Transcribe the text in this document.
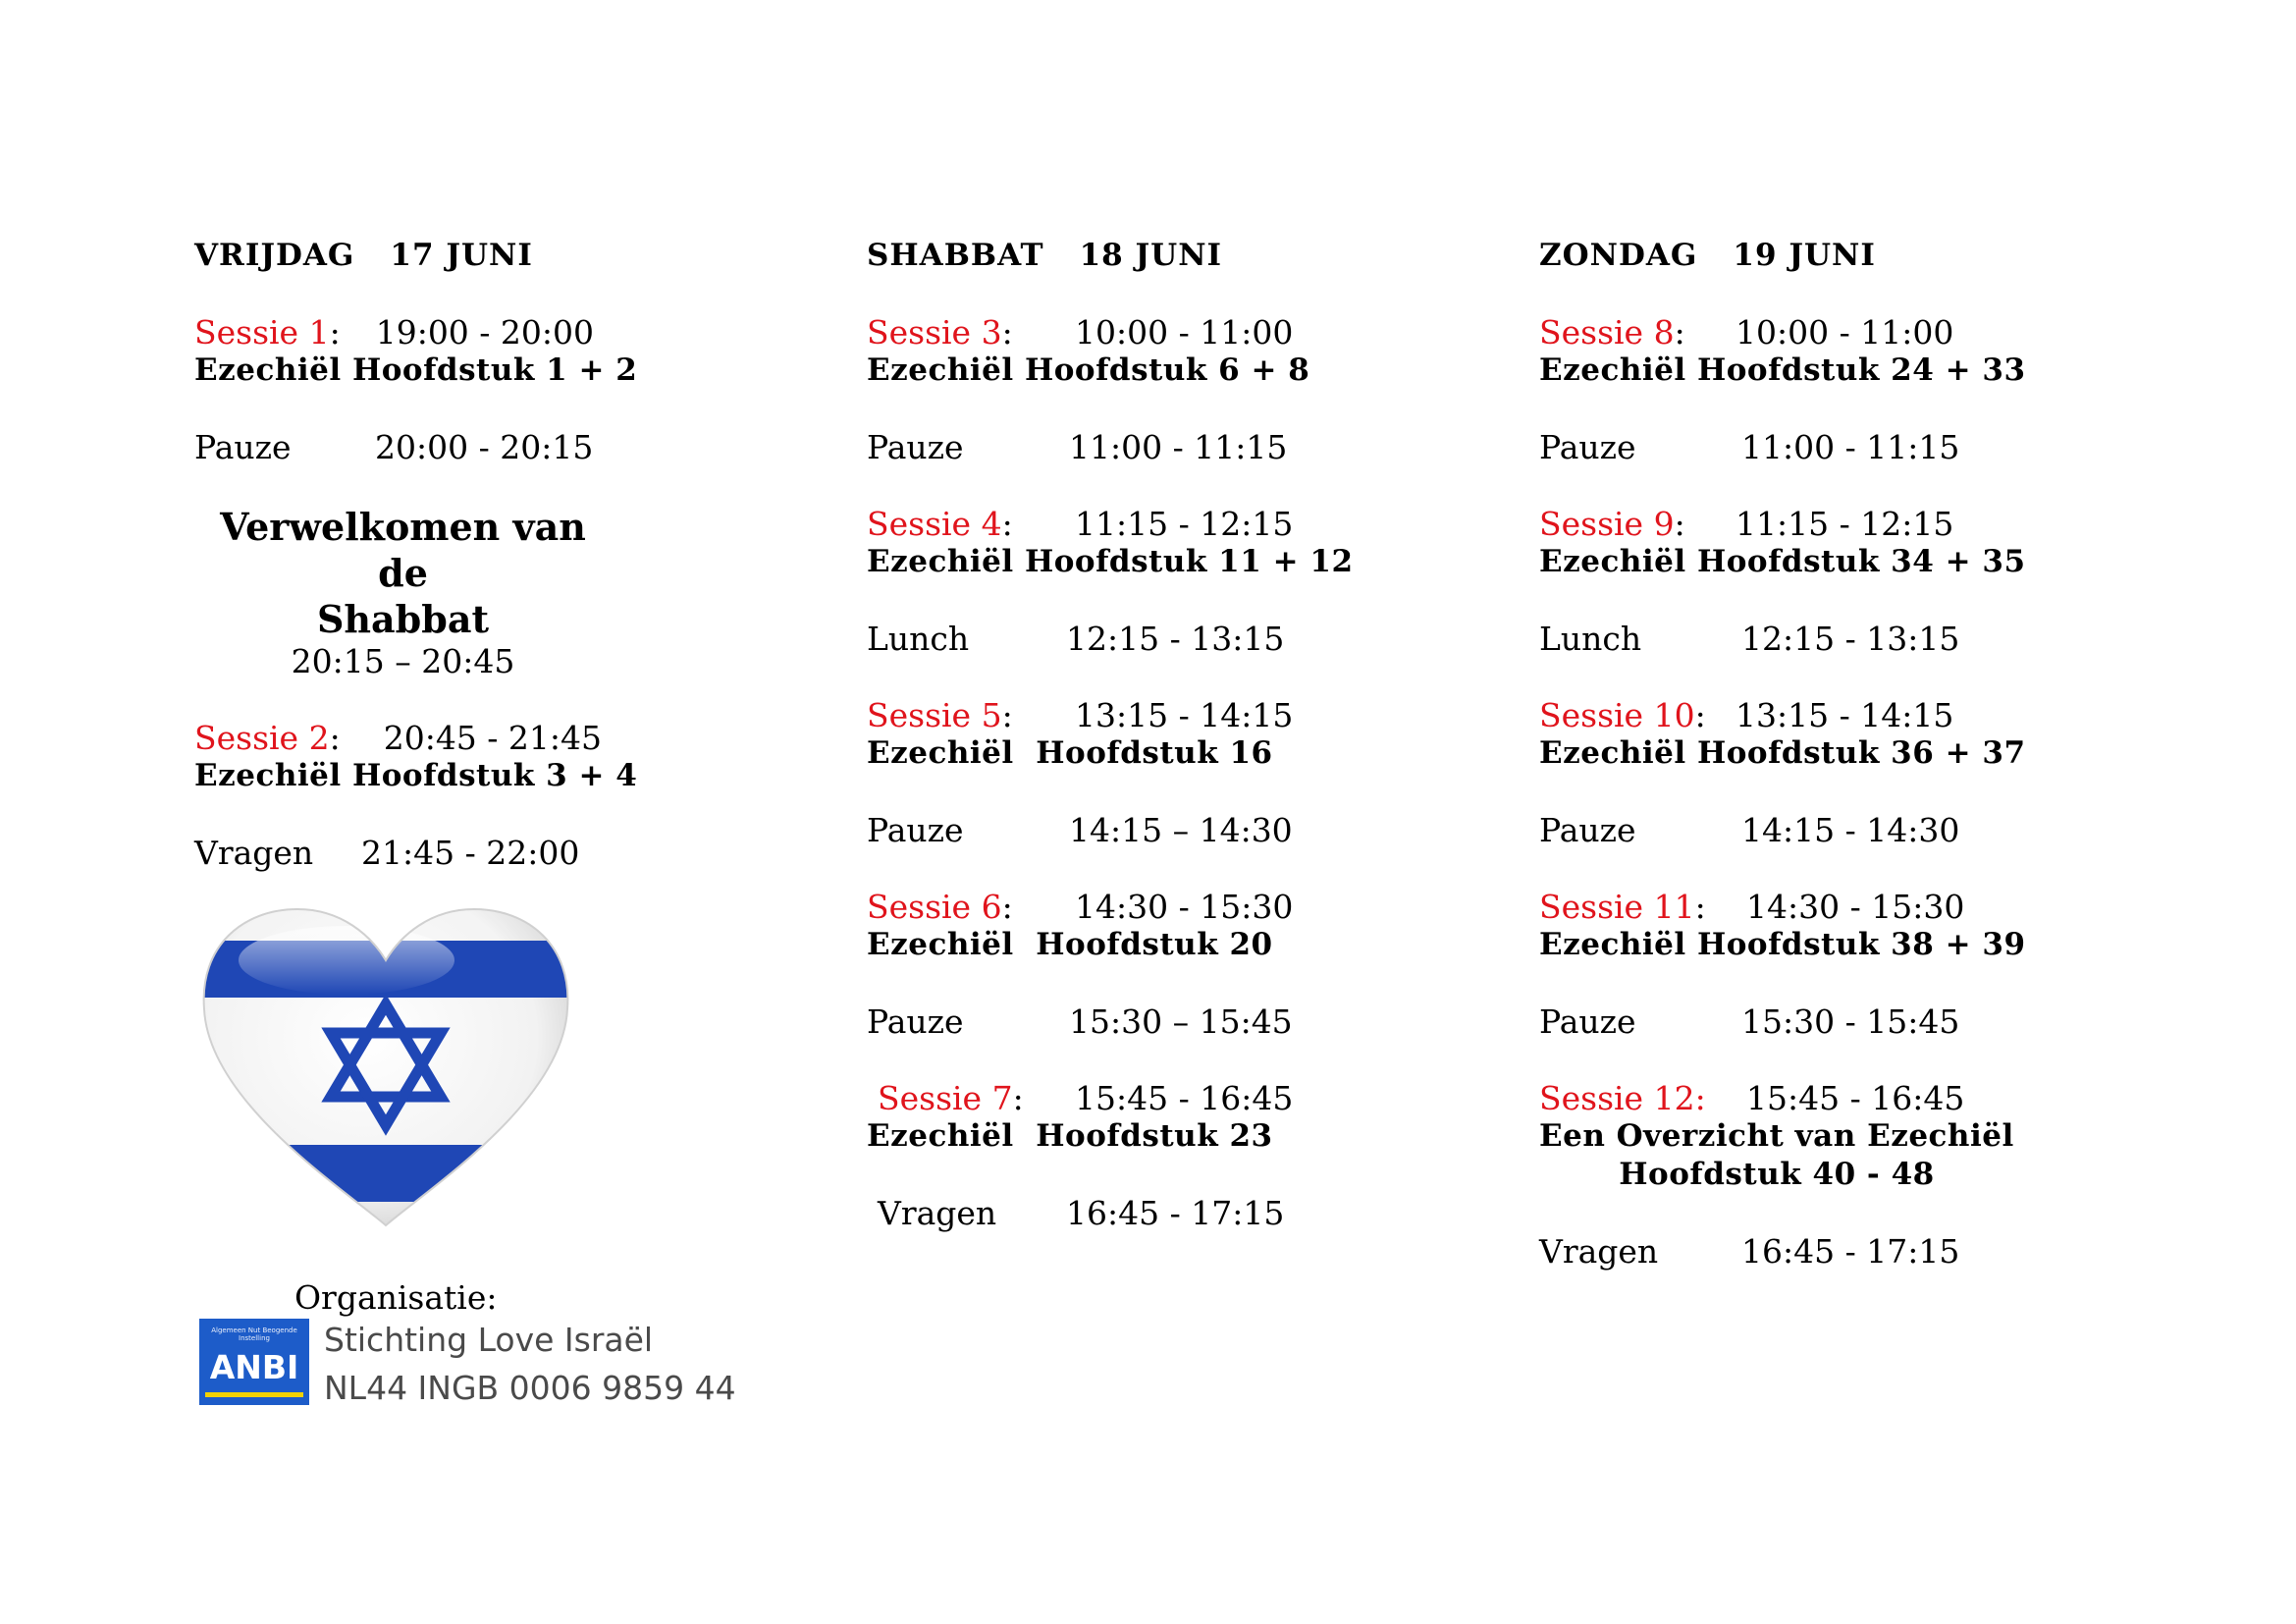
VRIJDAG 17 JUNI
Sessie 1: 19:00 - 20:00
Ezechiël Hoofdstuk 1 + 2
Pauze	20:00 - 20:15
Verwelkomen van de
Shabbat
20:15 – 20:45
Sessie 2: 20:45 - 21:45
Ezechiël Hoofdstuk 3 + 4
Vragen 21:45 - 22:00
SHABBAT 18 JUNI
Sessie 3: 10:00 - 11:00
Ezechiël Hoofdstuk 6 + 8
Pauze	11:00 - 11:15
Sessie 4: 11:15 - 12:15
Ezechiël Hoofdstuk 11 + 12
Lunch	12:15 - 13:15
Sessie 5: 13:15 - 14:15
Ezechiël  Hoofdstuk 16
Pauze	14:15 – 14:30
Sessie 6: 14:30 - 15:30
Ezechiël  Hoofdstuk 20
Pauze	15:30 – 15:45
Sessie 7: 15:45 - 16:45
Ezechiël  Hoofdstuk 23
Vragen 16:45 - 17:15
ZONDAG 19 JUNI
Sessie 8: 10:00 - 11:00
Ezechiël Hoofdstuk 24 + 33
Pauze	11:00 - 11:15
Sessie 9: 11:15 - 12:15
Ezechiël Hoofdstuk 34 + 35
Lunch	12:15 - 13:15
Sessie 10: 13:15 - 14:15
Ezechiël Hoofdstuk 36 + 37
Pauze	14:15 - 14:30
Sessie 11: 14:30 - 15:30
Ezechiël Hoofdstuk 38 + 39
Pauze	15:30 - 15:45
Sessie 12: 15:45 - 16:45
Een Overzicht van Ezechiël
Hoofdstuk 40 - 48
Vragen	16:45 - 17:15
Organisatie:
Algemeen Nut Beogende Instelling
ANBI
Stichting Love Israël
NL44 INGB 0006 9859 44
